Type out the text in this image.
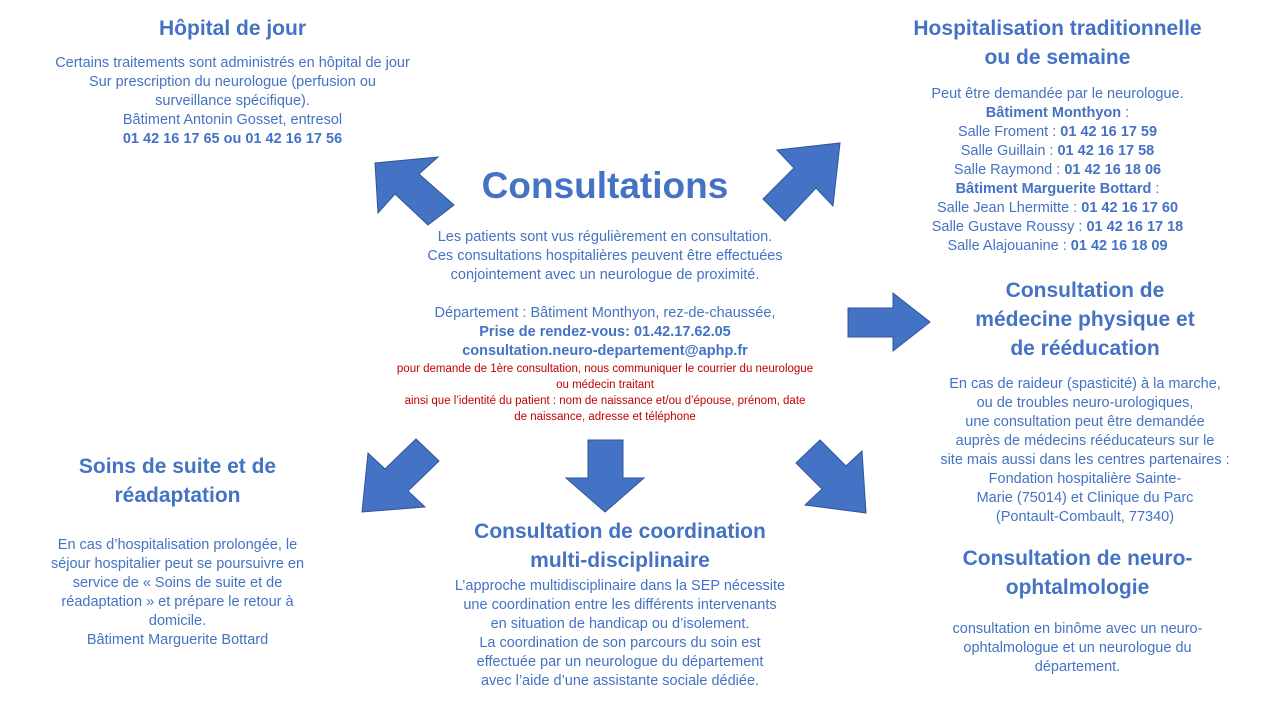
Hôpital de jour
Certains traitements sont administrés en hôpital de jour
Sur prescription du neurologue (perfusion ou
surveillance spécifique).
Bâtiment Antonin Gosset, entresol
01 42 16 17 65 ou 01 42 16 17 56
Hospitalisation traditionnelle
ou de semaine
Peut être demandée par le neurologue.
Bâtiment Monthyon :
Salle Froment : 01 42 16 17 59
Salle Guillain : 01 42 16 17 58
Salle Raymond : 01 42 16 18 06
Bâtiment Marguerite Bottard :
Salle Jean Lhermitte : 01 42 16 17 60
Salle Gustave Roussy : 01 42 16 17 18
Salle Alajouanine : 01 42 16 18 09
Consultations
Les patients sont vus régulièrement en consultation.
Ces consultations hospitalières peuvent être effectuées
conjointement avec un neurologue de proximité.
Département : Bâtiment Monthyon, rez-de-chaussée,
Prise de rendez-vous: 01.42.17.62.05
consultation.neuro-departement@aphp.fr
pour demande de 1ère consultation, nous communiquer le courrier du neurologue
ou médecin traitant
ainsi que l’identité du patient : nom de naissance et/ou d’épouse, prénom, date
de naissance, adresse et téléphone
Consultation de
médecine physique et
de rééducation
En cas de raideur (spasticité) à la marche,
ou de troubles neuro-urologiques,
une consultation peut être demandée
auprès de médecins rééducateurs sur le
site mais aussi dans les centres partenaires :
Fondation hospitalière Sainte-
Marie (75014) et Clinique du Parc
(Pontault-Combault, 77340)
Soins de suite et de
réadaptation
En cas d’hospitalisation prolongée, le
séjour hospitalier peut se poursuivre en
service de « Soins de suite et de
réadaptation » et prépare le retour à
domicile.
Bâtiment Marguerite Bottard
Consultation de coordination
multi-disciplinaire
L’approche multidisciplinaire dans la SEP nécessite
une coordination entre les différents intervenants
en situation de handicap ou d’isolement.
La coordination de son parcours du soin est
effectuée par un neurologue du département
avec l’aide d’une assistante sociale dédiée.
Consultation de neuro-
ophtalmologie
consultation en binôme avec un neuro-
ophtalmologue et un neurologue du
département.
